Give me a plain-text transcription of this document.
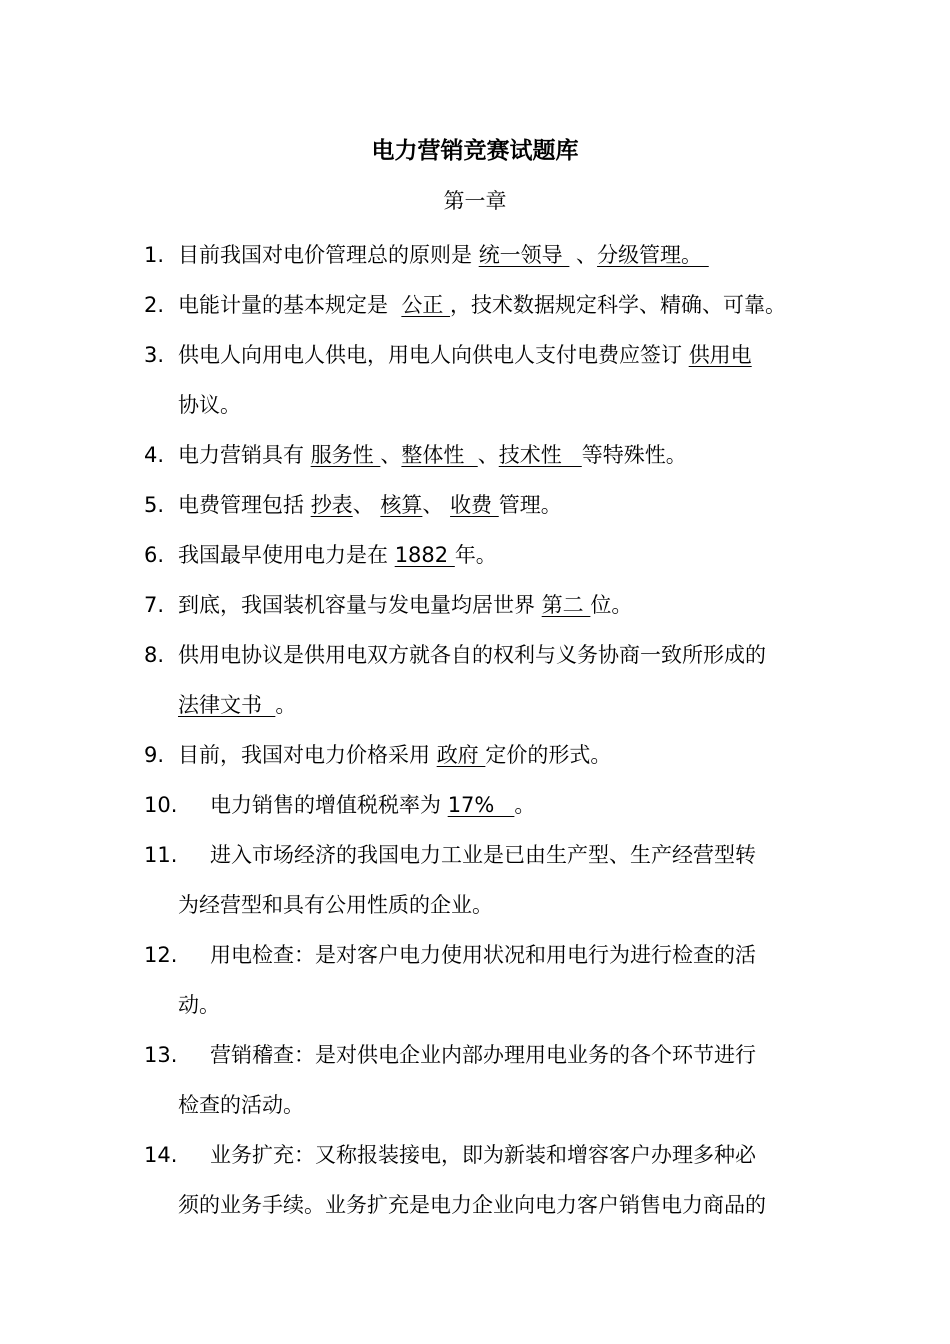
电力营销竞赛试题库
第一章
1. 目前我国对电价管理总的原则是 统一领导  、分级管理。
2. 电能计量的基本规定是  公正 ，技术数据规定科学、精确、可靠。
3. 供电人向用电人供电，用电人向供电人支付电费应签订 供用电
协议。
4. 电力营销具有 服务性 、整体性  、技术性   等特殊性。
5. 电费管理包括 抄表、 核算、 收费 管理。
6. 我国最早使用电力是在 1882 年。
7. 到底，我国装机容量与发电量均居世界 第二 位。
8. 供用电协议是供用电双方就各自的权利与义务协商一致所形成的
法律文书  。
9. 目前，我国对电力价格采用 政府 定价的形式。
10.	电力销售的增值税税率为 17%   。
11.	进入市场经济的我国电力工业是已由生产型、生产经营型转
为经营型和具有公用性质的企业。
12.	用电检查：是对客户电力使用状况和用电行为进行检查的活
动。
13.	营销稽查：是对供电企业内部办理用电业务的各个环节进行
检查的活动。
14.	业务扩充：又称报装接电，即为新装和增容客户办理多种必
须的业务手续。业务扩充是电力企业向电力客户销售电力商品的
